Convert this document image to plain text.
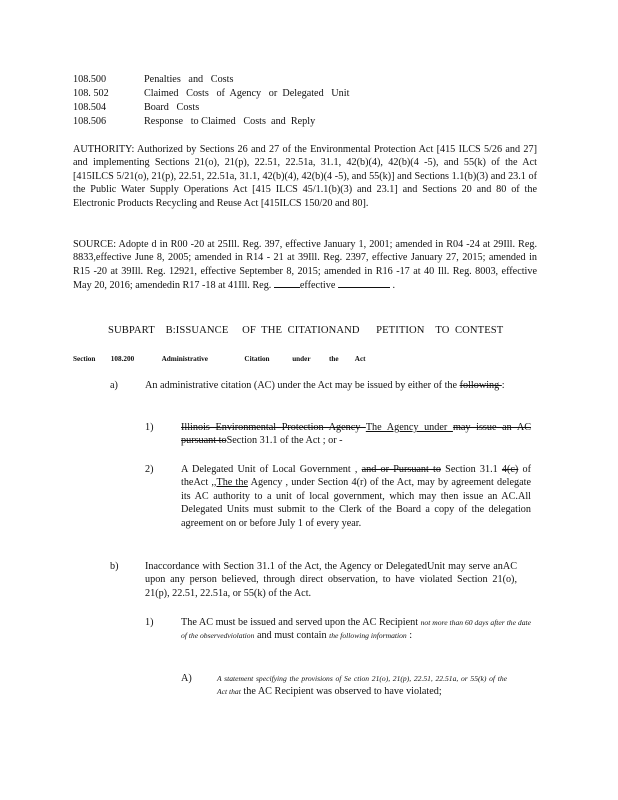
108.500	Penalties   and   Costs
108. 502	Claimed   Costs   of  Agency   or  Delegated   Unit
108.504	Board   Costs
108.506	Response   to Claimed   Costs  and  Reply
AUTHORITY: Authorized by Sections 26 and 27 of the Environmental Protection Act [415 ILCS 5/26 and 27] and implementing Sections 21(o), 21(p), 22.51, 22.51a, 31.1, 42(b)(4), 42(b)(4 -5), and 55(k) of the Act [415ILCS 5/21(o), 21(p), 22.51, 22.51a, 31.1, 42(b)(4), 42(b)(4 -5), and 55(k)] and Sections 1.1(b)(3) and 23.1 of the Public Water Supply Operations Act [415 ILCS 45/1.1(b)(3) and 23.1] and Sections 20 and 80 of the Electronic Products Recycling and Reuse Act [415ILCS 150/20 and 80].
SOURCE: Adopte d in R00 -20 at 25Ill. Reg. 397, effective January 1, 2001; amended in R04 -24 at 29Ill. Reg. 8833,effective June 8, 2005; amended in R14 - 21 at 39Ill. Reg. 2397, effective January 27, 2015; amended in R15 -20 at 39Ill. Reg. 12921, effective September 8, 2015; amended in R16 -17 at 40 Ill. Reg. 8003, effective May 20, 2016; amendedin R17 -18 at 41Ill. Reg.	effective	.
SUBPART    B:ISSUANCE     OF  THE  CITATIONAND      PETITION    TO  CONTEST
Section 108.200	Administrative	Citation	under	the Act
a)	An administrative citation (AC) under the Act may be issued by either of the following :
1)	Illinois Environmental Protection Agency The Agency under may issue an AC pursuant toSection 31.1 of the Act ; or -
2)	A Delegated Unit of Local Government , and or Pursuant to Section 31.1 4(c) of theAct ,,The the Agency , under Section 4(r) of the Act, may by agreement delegate its AC authority to a unit of local government, which may then issue an AC.All Delegated Units must submit to the Clerk of the Board a copy of the delegation agreement on or before July 1 of every year.
b)	Inaccordance with Section 31.1 of the Act, the Agency or DelegatedUnit may serve anAC upon any person believed, through direct observation, to have violated Section 21(o), 21(p), 22.51, 22.51a, or 55(k) of the Act.
1)	The AC must be issued and served upon the AC Recipient not more than 60 days after the date of the observedviolation and must contain the following information :
A)	A statement specifying the provisions of Se ction 21(o), 21(p), 22.51, 22.51a, or 55(k) of the Act that the AC Recipient was observed to have violated;
